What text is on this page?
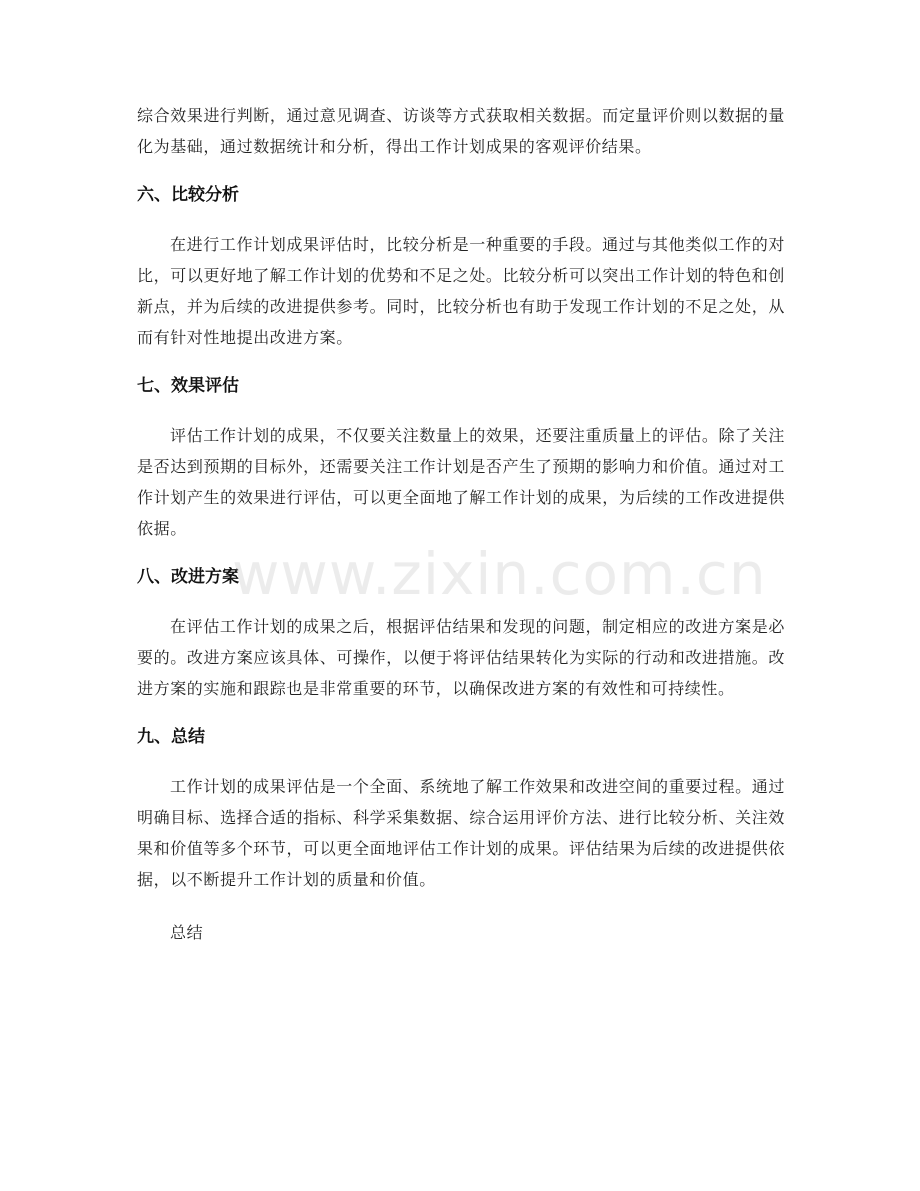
综合效果进行判断，通过意见调查、访谈等方式获取相关数据。而定量评价则以数据的量化为基础，通过数据统计和分析，得出工作计划成果的客观评价结果。

六、比较分析

在进行工作计划成果评估时，比较分析是一种重要的手段。通过与其他类似工作的对比，可以更好地了解工作计划的优势和不足之处。比较分析可以突出工作计划的特色和创新点，并为后续的改进提供参考。同时，比较分析也有助于发现工作计划的不足之处，从而有针对性地提出改进方案。

七、效果评估

评估工作计划的成果，不仅要关注数量上的效果，还要注重质量上的评估。除了关注是否达到预期的目标外，还需要关注工作计划是否产生了预期的影响力和价值。通过对工作计划产生的效果进行评估，可以更全面地了解工作计划的成果，为后续的工作改进提供依据。

八、改进方案

在评估工作计划的成果之后，根据评估结果和发现的问题，制定相应的改进方案是必要的。改进方案应该具体、可操作，以便于将评估结果转化为实际的行动和改进措施。改进方案的实施和跟踪也是非常重要的环节，以确保改进方案的有效性和可持续性。

九、总结

工作计划的成果评估是一个全面、系统地了解工作效果和改进空间的重要过程。通过明确目标、选择合适的指标、科学采集数据、综合运用评价方法、进行比较分析、关注效果和价值等多个环节，可以更全面地评估工作计划的成果。评估结果为后续的改进提供依据，以不断提升工作计划的质量和价值。

总结

www.zixin.com.cn
